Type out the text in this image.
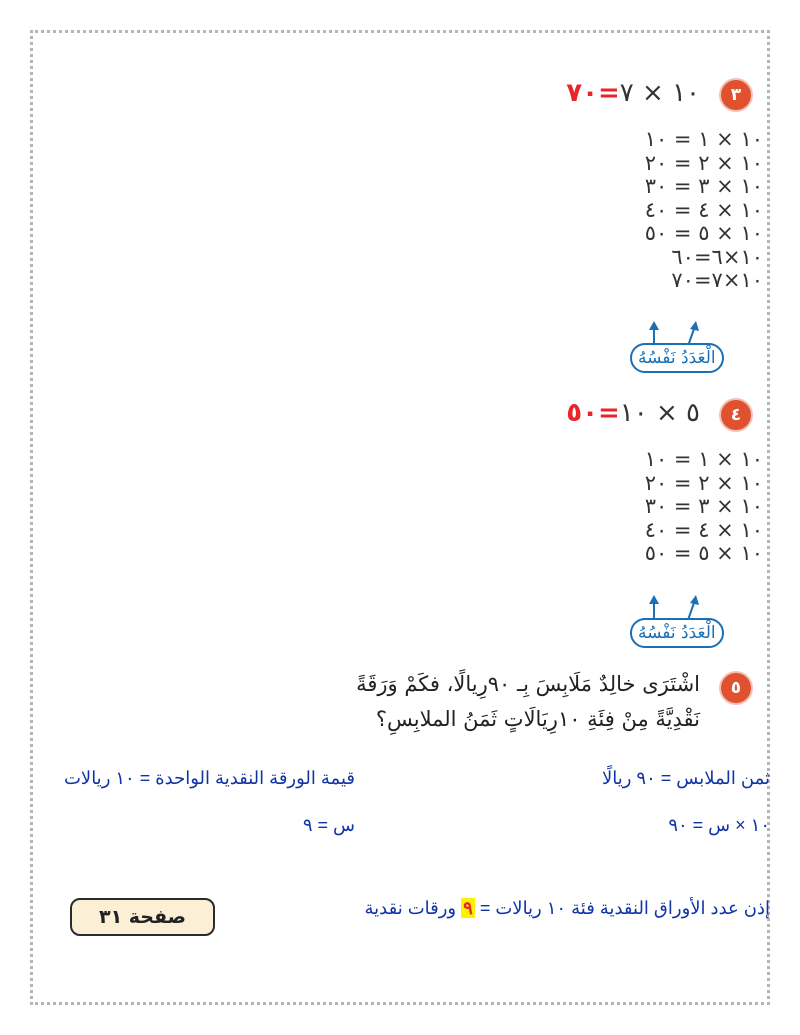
٣
١٠ × ٧=٧٠
١٠ × ١ = ١٠
١٠ × ٢ = ٢٠
١٠ × ٣ = ٣٠
١٠ × ٤ = ٤٠
١٠ × ٥ = ٥٠
١٠×٦=٦٠
١٠×٧=٧٠
الْعَدَدُ نَفْسُهُ
٤
٥ × ١٠=٥٠
١٠ × ١ = ١٠
١٠ × ٢ = ٢٠
١٠ × ٣ = ٣٠
١٠ × ٤ = ٤٠
١٠ × ٥ = ٥٠
الْعَدَدُ نَفْسُهُ
٥
اشْتَرَى خالِدٌ مَلَابِسَ بِـ ٩٠رِيالًا، فكَمْ وَرَقَةً
نَقْدِيَّةً مِنْ فِئَةِ ١٠رِيَالَاتٍ ثَمَنُ الملابِسِ؟
ثمن الملابس = ٩٠ ريالًا
قيمة الورقة النقدية الواحدة = ١٠ ريالات
١٠ × س = ٩٠
س = ٩
إذن عدد الأوراق النقدية فئة ١٠ ريالات = ٩ ورقات نقدية
صفحة ٣١
